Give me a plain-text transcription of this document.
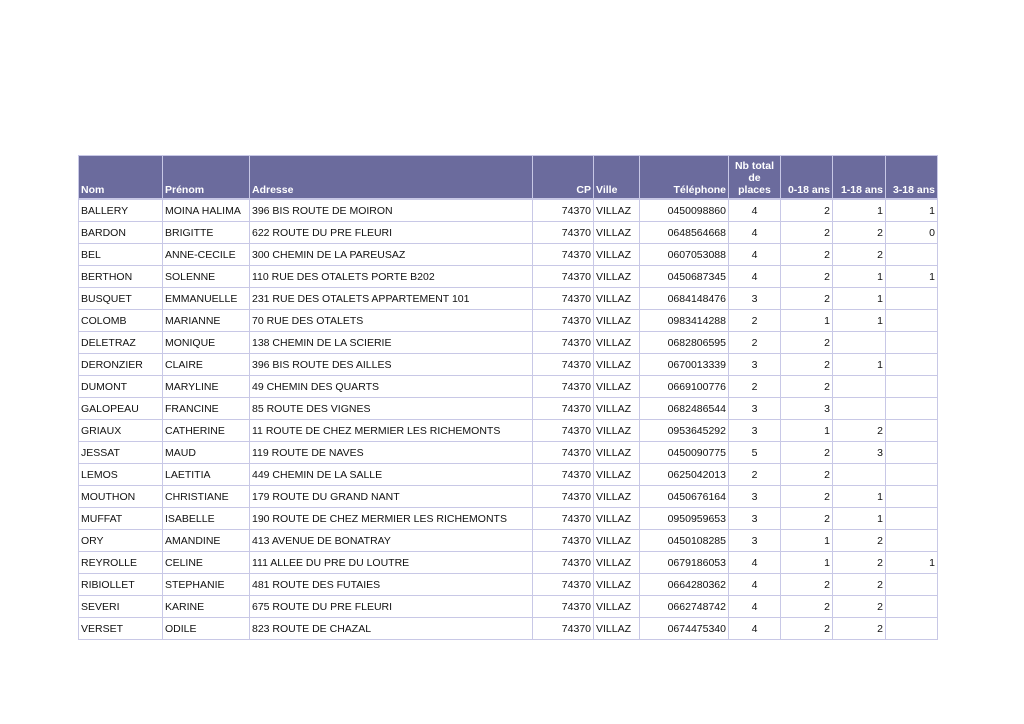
Nom	Prénom	Adresse	CP	Ville	Téléphone	Nb total de places	0-18 ans	1-18 ans	3-18 ans
BALLERY	MOINA HALIMA	396 BIS ROUTE DE MOIRON	74370	VILLAZ	0450098860	4	2	1	1
BARDON	BRIGITTE	622 ROUTE DU PRE FLEURI	74370	VILLAZ	0648564668	4	2	2	0
BEL	ANNE-CECILE	300 CHEMIN DE LA PAREUSAZ	74370	VILLAZ	0607053088	4	2	2	
BERTHON	SOLENNE	110 RUE DES OTALETS PORTE B202	74370	VILLAZ	0450687345	4	2	1	1
BUSQUET	EMMANUELLE	231 RUE DES OTALETS APPARTEMENT 101	74370	VILLAZ	0684148476	3	2	1	
COLOMB	MARIANNE	70 RUE DES OTALETS	74370	VILLAZ	0983414288	2	1	1	
DELETRAZ	MONIQUE	138 CHEMIN DE LA SCIERIE	74370	VILLAZ	0682806595	2	2		
DERONZIER	CLAIRE	396 BIS ROUTE DES AILLES	74370	VILLAZ	0670013339	3	2	1	
DUMONT	MARYLINE	49 CHEMIN DES QUARTS	74370	VILLAZ	0669100776	2	2		
GALOPEAU	FRANCINE	85 ROUTE DES VIGNES	74370	VILLAZ	0682486544	3	3		
GRIAUX	CATHERINE	11 ROUTE DE CHEZ MERMIER LES RICHEMONTS	74370	VILLAZ	0953645292	3	1	2	
JESSAT	MAUD	119 ROUTE DE NAVES	74370	VILLAZ	0450090775	5	2	3	
LEMOS	LAETITIA	449 CHEMIN DE LA SALLE	74370	VILLAZ	0625042013	2	2		
MOUTHON	CHRISTIANE	179 ROUTE DU GRAND NANT	74370	VILLAZ	0450676164	3	2	1	
MUFFAT	ISABELLE	190 ROUTE DE CHEZ MERMIER LES RICHEMONTS	74370	VILLAZ	0950959653	3	2	1	
ORY	AMANDINE	413 AVENUE DE BONATRAY	74370	VILLAZ	0450108285	3	1	2	
REYROLLE	CELINE	111 ALLEE DU PRE DU LOUTRE	74370	VILLAZ	0679186053	4	1	2	1
RIBIOLLET	STEPHANIE	481 ROUTE DES FUTAIES	74370	VILLAZ	0664280362	4	2	2	
SEVERI	KARINE	675 ROUTE DU PRE FLEURI	74370	VILLAZ	0662748742	4	2	2	
VERSET	ODILE	823 ROUTE DE CHAZAL	74370	VILLAZ	0674475340	4	2	2	
